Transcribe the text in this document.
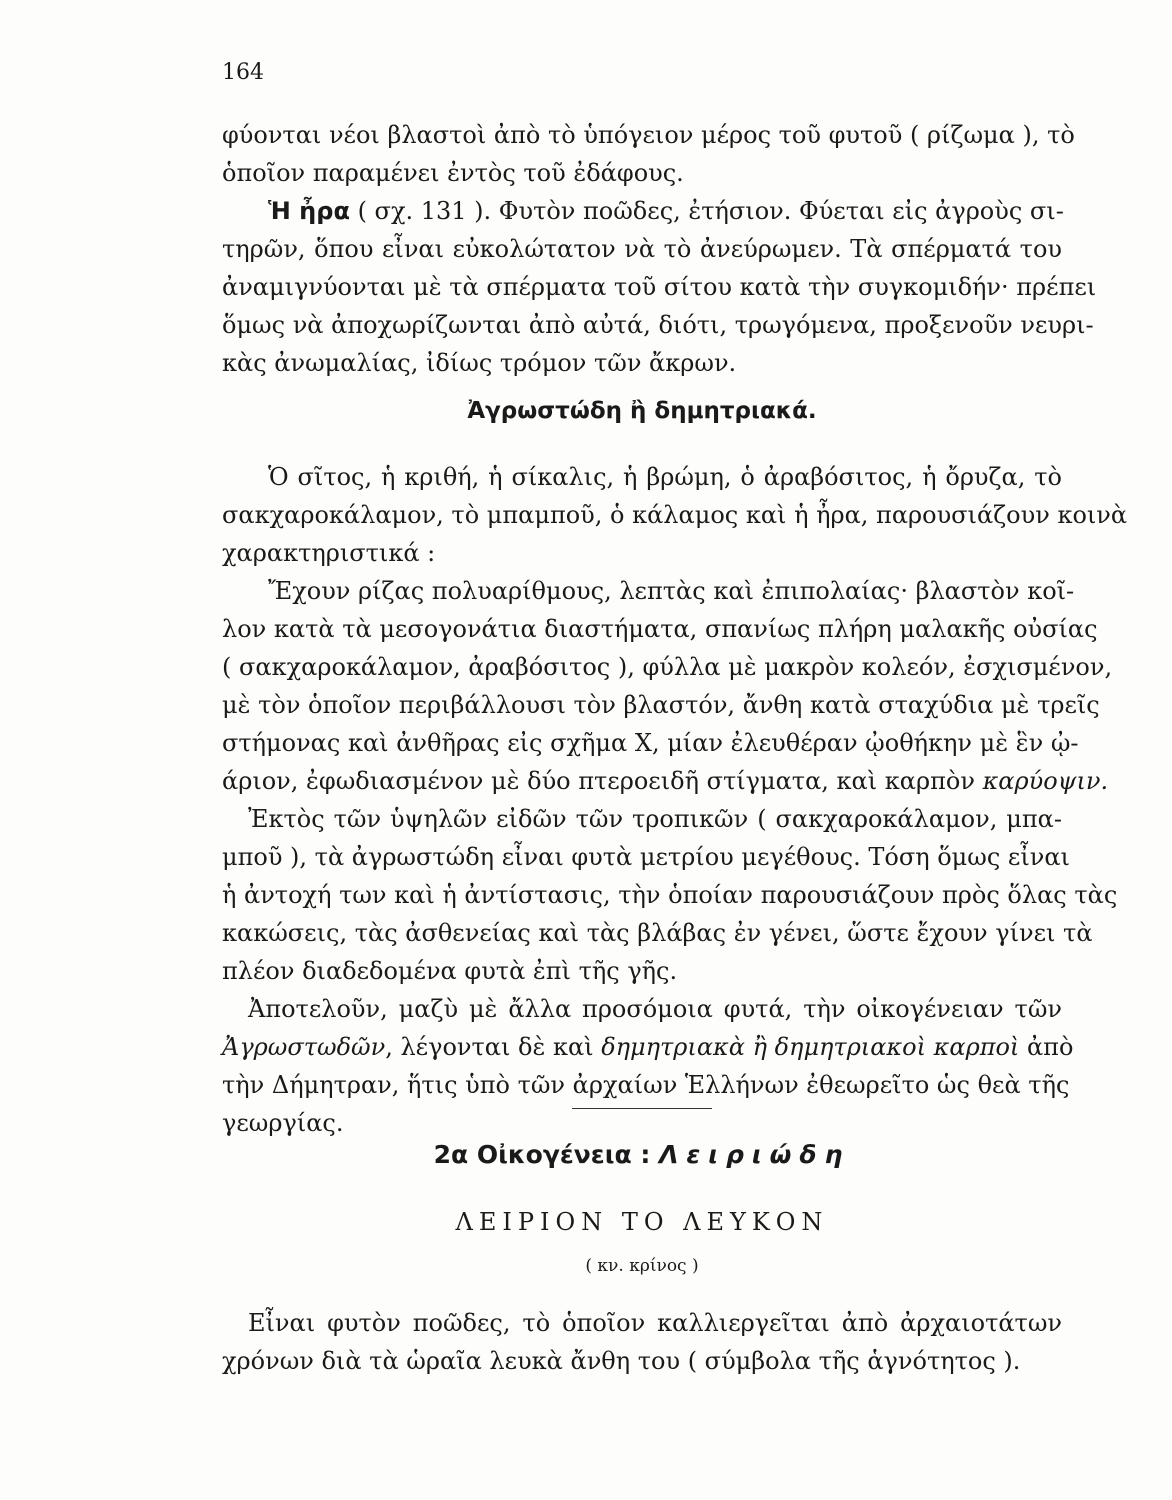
164
φύονται νέοι βλαστοὶ ἀπὸ τὸ ὑπόγειον μέρος τοῦ φυτοῦ ( ρίζωμα ), τὸ
ὁποῖον παραμένει ἐντὸς τοῦ ἐδάφους.
Ἡ ἦρα ( σχ. 131 ). Φυτὸν ποῶδες, ἐτήσιον. Φύεται εἰς ἀγροὺς σι-
τηρῶν, ὅπου εἶναι εὐκολώτατον νὰ τὸ ἀνεύρωμεν. Τὰ σπέρματά του
ἀναμιγνύονται μὲ τὰ σπέρματα τοῦ σίτου κατὰ τὴν συγκομιδήν· πρέπει
ὅμως νὰ ἀποχωρίζωνται ἀπὸ αὐτά, διότι, τρωγόμενα, προξενοῦν νευρι-
κὰς ἀνωμαλίας, ἰδίως τρόμον τῶν ἄκρων.
Ἀγρωστώδη ἢ δημητριακά.
Ὁ σῖτος, ἡ κριθή, ἡ σίκαλις, ἡ βρώμη, ὁ ἀραβόσιτος, ἡ ὄρυζα, τὸ
σακχαροκάλαμον, τὸ μπαμποῦ, ὁ κάλαμος καὶ ἡ ἦρα, παρουσιάζουν κοινὰ
χαρακτηριστικά :
Ἔχουν ρίζας πολυαρίθμους, λεπτὰς καὶ ἐπιπολαίας· βλαστὸν κοῖ-
λον κατὰ τὰ μεσογονάτια διαστήματα, σπανίως πλήρη μαλακῆς οὐσίας
( σακχαροκάλαμον, ἀραβόσιτος ), φύλλα μὲ μακρὸν κολεόν, ἐσχισμένον,
μὲ τὸν ὁποῖον περιβάλλουσι τὸν βλαστόν, ἄνθη κατὰ σταχύδια μὲ τρεῖς
στήμονας καὶ ἀνθῆρας εἰς σχῆμα X, μίαν ἐλευθέραν ᾠοθήκην μὲ ἓν ᾠ-
άριον, ἐφωδιασμένον μὲ δύο πτεροειδῆ στίγματα, καὶ καρπὸν καρύοψιν.
Ἐκτὸς τῶν ὑψηλῶν εἰδῶν τῶν τροπικῶν ( σακχαροκάλαμον, μπα-
μποῦ ), τὰ ἀγρωστώδη εἶναι φυτὰ μετρίου μεγέθους. Τόση ὅμως εἶναι
ἡ ἀντοχή των καὶ ἡ ἀντίστασις, τὴν ὁποίαν παρουσιάζουν πρὸς ὅλας τὰς
κακώσεις, τὰς ἀσθενείας καὶ τὰς βλάβας ἐν γένει, ὥστε ἔχουν γίνει τὰ
πλέον διαδεδομένα φυτὰ ἐπὶ τῆς γῆς.
Ἀποτελοῦν, μαζὺ μὲ ἄλλα προσόμοια φυτά, τὴν οἰκογένειαν τῶν
Ἀγρωστωδῶν, λέγονται δὲ καὶ δημητριακὰ ἢ δημητριακοὶ καρποὶ ἀπὸ
τὴν Δήμητραν, ἥτις ὑπὸ τῶν ἀρχαίων Ἑλλήνων ἐθεωρεῖτο ὡς θεὰ τῆς
γεωργίας.
2α Οἰκογένεια : Λειριώδη
ΛΕΙΡΙΟΝ ΤΟ ΛΕΥΚΟΝ
( κν. κρίνος )
Εἶναι φυτὸν ποῶδες, τὸ ὁποῖον καλλιεργεῖται ἀπὸ ἀρχαιοτάτων
χρόνων διὰ τὰ ὡραῖα λευκὰ ἄνθη του ( σύμβολα τῆς ἁγνότητος ).
